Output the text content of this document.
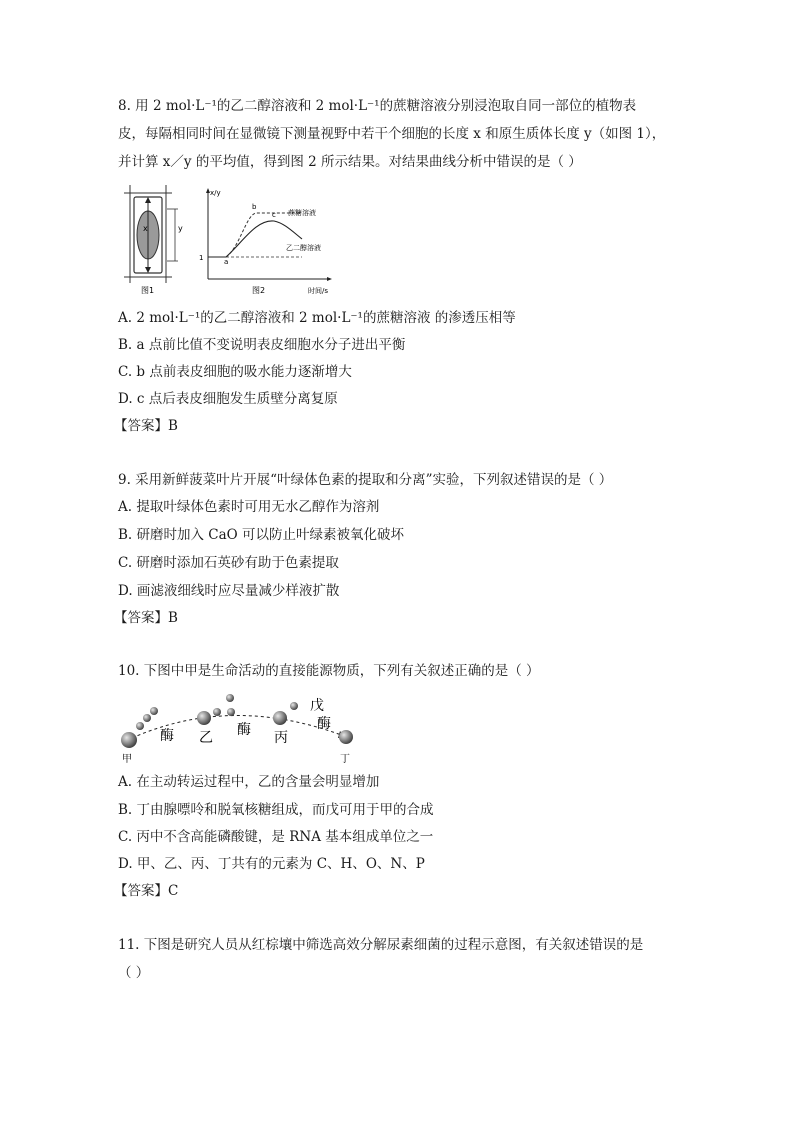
8. 用 2 mol·L⁻¹的乙二醇溶液和 2 mol·L⁻¹的蔗糖溶液分别浸泡取自同一部位的植物表
皮，每隔相同时间在显微镜下测量视野中若干个细胞的长度 x 和原生质体长度 y（如图 1），
并计算 x／y 的平均值，得到图 2 所示结果。对结果曲线分析中错误的是（ ）
x	y
图1
x/y
时间/s
1	a
b
c 蔗糖溶液
乙二醇溶液
图2
A. 2 mol·L⁻¹的乙二醇溶液和 2 mol·L⁻¹的蔗糖溶液 的渗透压相等
B. a 点前比值不变说明表皮细胞水分子进出平衡
C. b 点前表皮细胞的吸水能力逐渐增大
D. c 点后表皮细胞发生质壁分离复原
【答案】B
9. 采用新鲜菠菜叶片开展“叶绿体色素的提取和分离”实验，下列叙述错误的是（ ）
A. 提取叶绿体色素时可用无水乙醇作为溶剂
B. 研磨时加入 CaO 可以防止叶绿素被氧化破坏
C. 研磨时添加石英砂有助于色素提取
D. 画滤液细线时应尽量减少样液扩散
【答案】B
10. 下图中甲是生命活动的直接能源物质，下列有关叙述正确的是（ ）
甲
乙	丙
丁
戊
酶	酶	酶
A. 在主动转运过程中，乙的含量会明显增加
B. 丁由腺嘌呤和脱氧核糖组成，而戊可用于甲的合成
C. 丙中不含高能磷酸键，是 RNA 基本组成单位之一
D. 甲、乙、丙、丁共有的元素为 C、H、O、N、P
【答案】C
11. 下图是研究人员从红棕壤中筛选高效分解尿素细菌的过程示意图，有关叙述错误的是
（ ）
